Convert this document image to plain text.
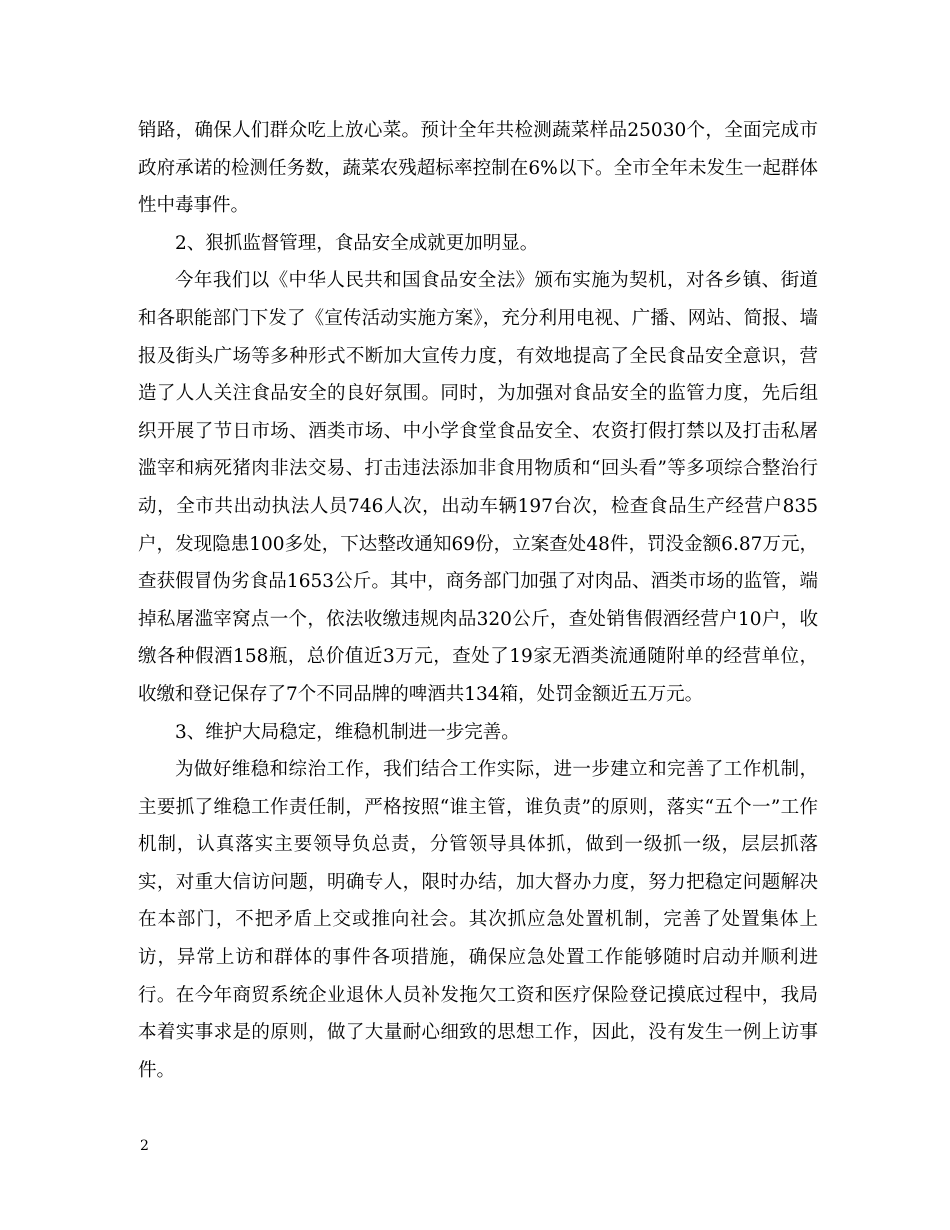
销路，确保人们群众吃上放心菜。预计全年共检测蔬菜样品25030个，全面完成市政府承诺的检测任务数，蔬菜农残超标率控制在6%以下。全市全年未发生一起群体性中毒事件。

2、狠抓监督管理，食品安全成就更加明显。

今年我们以《中华人民共和国食品安全法》颁布实施为契机，对各乡镇、街道和各职能部门下发了《宣传活动实施方案》，充分利用电视、广播、网站、简报、墙报及街头广场等多种形式不断加大宣传力度，有效地提高了全民食品安全意识，营造了人人关注食品安全的良好氛围。同时，为加强对食品安全的监管力度，先后组织开展了节日市场、酒类市场、中小学食堂食品安全、农资打假打禁以及打击私屠滥宰和病死猪肉非法交易、打击违法添加非食用物质和“回头看”等多项综合整治行动，全市共出动执法人员746人次，出动车辆197台次，检查食品生产经营户835户，发现隐患100多处，下达整改通知69份，立案查处48件，罚没金额6.87万元，查获假冒伪劣食品1653公斤。其中，商务部门加强了对肉品、酒类市场的监管，端掉私屠滥宰窝点一个，依法收缴违规肉品320公斤，查处销售假酒经营户10户，收缴各种假酒158瓶，总价值近3万元，查处了19家无酒类流通随附单的经营单位，收缴和登记保存了7个不同品牌的啤酒共134箱，处罚金额近五万元。

3、维护大局稳定，维稳机制进一步完善。

为做好维稳和综治工作，我们结合工作实际，进一步建立和完善了工作机制，主要抓了维稳工作责任制，严格按照“谁主管，谁负责”的原则，落实“五个一”工作机制，认真落实主要领导负总责，分管领导具体抓，做到一级抓一级，层层抓落实，对重大信访问题，明确专人，限时办结，加大督办力度，努力把稳定问题解决在本部门，不把矛盾上交或推向社会。其次抓应急处置机制，完善了处置集体上访，异常上访和群体的事件各项措施，确保应急处置工作能够随时启动并顺利进行。在今年商贸系统企业退休人员补发拖欠工资和医疗保险登记摸底过程中，我局本着实事求是的原则，做了大量耐心细致的思想工作，因此，没有发生一例上访事件。

2
